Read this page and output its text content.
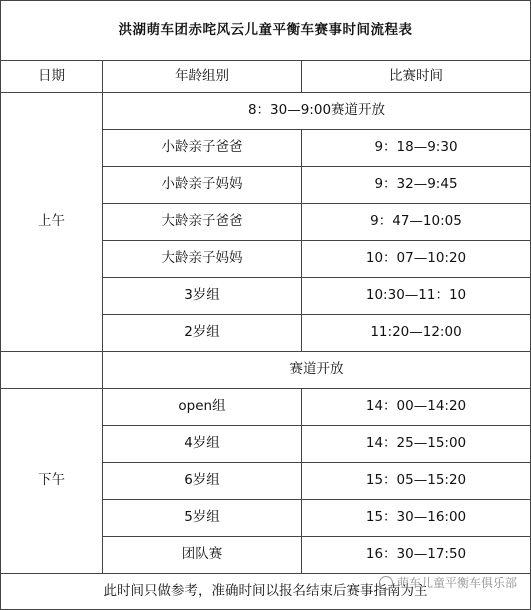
洪湖萌车团赤咤风云儿童平衡车赛事时间流程表		
日期	年龄组别	比赛时间
上午	8：30—9:00赛道开放	
	小龄亲子爸爸	9：18—9:30
	小龄亲子妈妈	9：32—9:45
	大龄亲子爸爸	9：47—10:05
	大龄亲子妈妈	10：07—10:20
	3岁组	10:30—11：10
	2岁组	11:20—12:00
	赛道开放	
下午	open组	14：00—14:20
	4岁组	14：25—15:00
	6岁组	15：05—15:20
	5岁组	15：30—16:00
	团队赛	16：30—17:50
此时间只做参考，准确时间以报名结束后赛事指南为主		
萌车儿童平衡车俱乐部
